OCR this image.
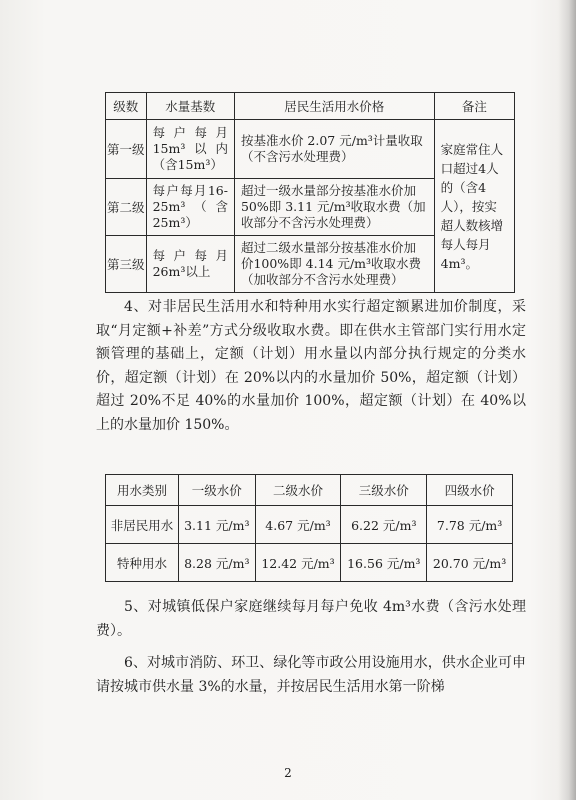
级数	水量基数	居民生活用水价格	备注
第一级	每户每月15m³以内（含15m³）	按基准水价 2.07 元/m³计量收取（不含污水处理费）	家庭常住人口超过4人的（含4人），按实超人数核增每人每月4m³。
第二级	每户每月16-25m³（含25m³）	超过一级水量部分按基准水价加50%即 3.11 元/m³收取水费（加收部分不含污水处理费）	
第三级	每户每月26m³以上	超过二级水量部分按基准水价加价100%即 4.14 元/m³收取水费（加收部分不含污水处理费）	

4、对非居民生活用水和特种用水实行超定额累进加价制度，采取“月定额+补差”方式分级收取水费。即在供水主管部门实行用水定额管理的基础上，定额（计划）用水量以内部分执行规定的分类水价，超定额（计划）在 20%以内的水量加价 50%，超定额（计划）超过 20%不足 40%的水量加价 100%，超定额（计划）在 40%以上的水量加价 150%。

用水类别	一级水价	二级水价	三级水价	四级水价
非居民用水	3.11 元/m³	4.67 元/m³	6.22 元/m³	7.78 元/m³
特种用水	8.28 元/m³	12.42 元/m³	16.56 元/m³	20.70 元/m³

5、对城镇低保户家庭继续每月每户免收 4m³水费（含污水处理费）。

6、对城市消防、环卫、绿化等市政公用设施用水，供水企业可申请按城市供水量 3%的水量，并按居民生活用水第一阶梯

2
